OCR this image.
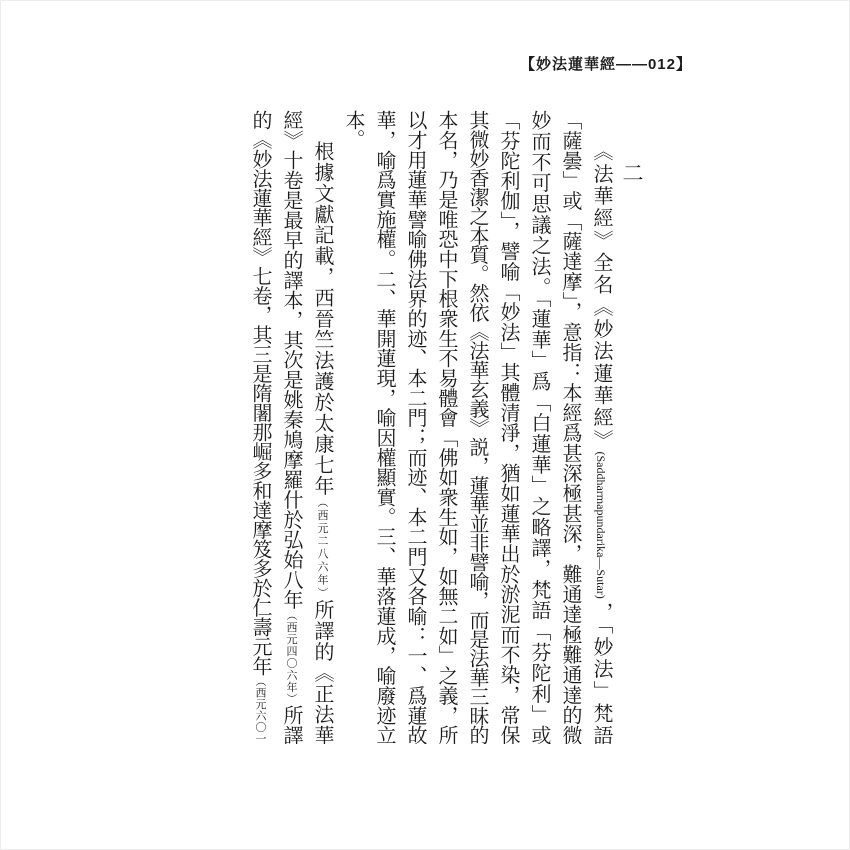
【妙法蓮華經——012】
二
《法華經》全名《妙法蓮華經》(Saddharmapundarika—Sutar)，「妙法」梵語
「薩曇」或「薩達摩」，意指：本經爲甚深極甚深，難通達極難通達的微
妙而不可思議之法。「蓮華」爲「白蓮華」之略譯，梵語「芬陀利」或
「芬陀利伽」，譬喻「妙法」其體清淨，猶如蓮華出於淤泥而不染，常保
其微妙香潔之本質。然依《法華玄義》説，蓮華並非譬喻，而是法華三昧的
本名，乃是唯恐中下根衆生不易體會「佛如衆生如，如無二如」之義，所
以才用蓮華譬喻佛法界的迹、本二門；而迹、本二門又各喻：一、爲蓮故
華，喻爲實施權。二、華開蓮現，喻因權顯實。三、華落蓮成，喻廢迹立
本。
根據文獻記載，西晉竺法護於太康七年（西元二八六年）所譯的《正法華
經》十卷是最早的譯本，其次是姚秦鳩摩羅什於弘始八年（西元四〇六年）所譯
的《妙法蓮華經》七卷，其三是隋闍那崛多和達摩笈多於仁壽元年（西元六〇一
